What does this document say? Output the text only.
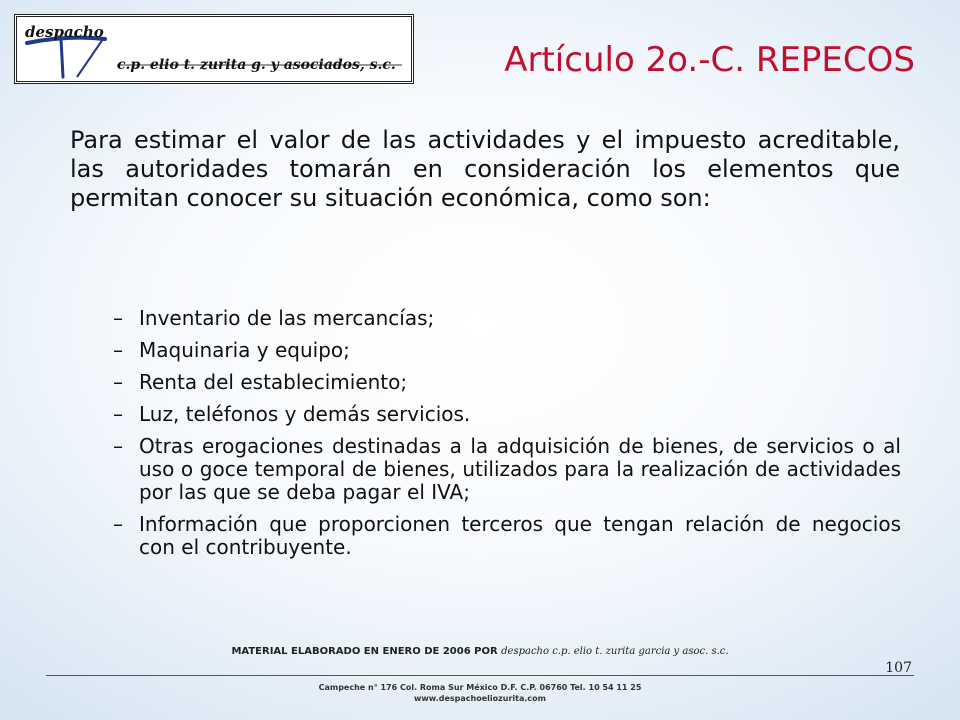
despacho
c.p. elio t. zurita g. y asociados, s.c.	Artículo 2o.-C. REPECOS

Para estimar el valor de las actividades y el impuesto acreditable, las autoridades tomarán en consideración los elementos que permitan conocer su situación económica, como son:

– Inventario de las mercancías;
– Maquinaria y equipo;
– Renta del establecimiento;
– Luz, teléfonos y demás servicios.
– Otras erogaciones destinadas a la adquisición de bienes, de servicios o al uso o goce temporal de bienes, utilizados para la realización de actividades por las que se deba pagar el IVA;
– Información que proporcionen terceros que tengan relación de negocios con el contribuyente.
MATERIAL ELABORADO EN ENERO DE 2006 POR despacho c.p. elio t. zurita garcia y asoc. s.c.
107
Campeche n° 176 Col. Roma Sur México D.F. C.P. 06760 Tel. 10 54 11 25
www.despachoeliozurita.com
